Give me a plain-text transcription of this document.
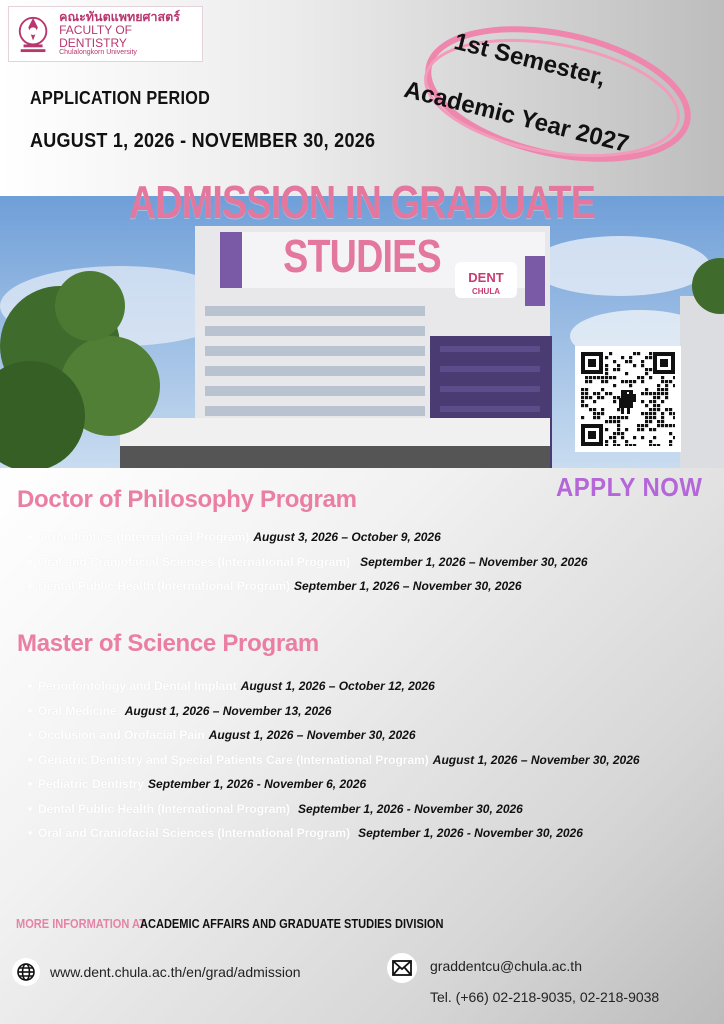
คณะทันตแพทยศาสตร์
FACULTY OF DENTISTRY
Chulalongkorn University
APPLICATION PERIOD
AUGUST 1, 2026 - NOVEMBER 30, 2026
1st Semester,
Academic Year 2027
DENT
CHULA
ADMISSION IN GRADUATE STUDIES
APPLY NOW
Doctor of Philosophy Program
• Orthodontics (International Program) August 3, 2026 – October 9, 2026
• Oral and Craniofacial Sciences (International Program) September 1, 2026 – November 30, 2026
• Dental Public Health (International Program) September 1, 2026 – November 30, 2026
Master of Science Program
• Periodontology and Dental Implant August 1, 2026 – October 12, 2026
• Oral Medicine August 1, 2026 – November 13, 2026
• Occlusion and Orofacial Pain August 1, 2026 – November 30, 2026
• Geriatric Dentistry and Special Patients Care (International Program) August 1, 2026 – November 30, 2026
• Pediatric Dentistry September 1, 2026 - November 6, 2026
• Dental Public Health (International Program) September 1, 2026 - November 30, 2026
• Oral and Craniofacial Sciences (International Program) September 1, 2026 - November 30, 2026
MORE INFORMATION AT
ACADEMIC AFFAIRS AND GRADUATE STUDIES DIVISION
www.dent.chula.ac.th/en/grad/admission	graddentcu@chula.ac.th
Tel. (+66) 02-218-9035, 02-218-9038
